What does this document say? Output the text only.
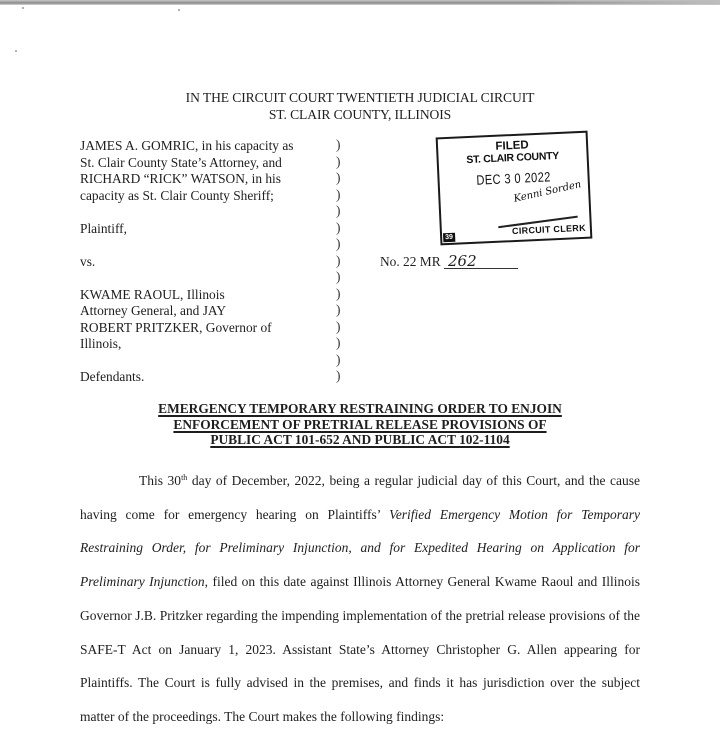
IN THE CIRCUIT COURT TWENTIETH JUDICIAL CIRCUIT
ST. CLAIR COUNTY, ILLINOIS
JAMES A. GOMRIC, in his capacity as
St. Clair County State’s Attorney, and
RICHARD “RICK” WATSON, in his
capacity as St. Clair County Sheriff;
Plaintiff,
vs.
KWAME RAOUL, Illinois
Attorney General, and JAY
ROBERT PRITZKER, Governor of
Illinois,
Defendants.
)
)
)
)
)
)
)
)
)
)
)
)
)
)
)
FILED
ST. CLAIR COUNTY
DEC 3 0 2022
Kenni Sorden
CIRCUIT CLERK
39
No. 22 MR 262
EMERGENCY TEMPORARY RESTRAINING ORDER TO ENJOIN
ENFORCEMENT OF PRETRIAL RELEASE PROVISIONS OF
PUBLIC ACT 101-652 AND PUBLIC ACT 102-1104

This 30th day of December, 2022, being a regular judicial day of this Court, and the cause having come for emergency hearing on Plaintiffs’ Verified Emergency Motion for Temporary Restraining Order, for Preliminary Injunction, and for Expedited Hearing on Application for Preliminary Injunction, filed on this date against Illinois Attorney General Kwame Raoul and Illinois Governor J.B. Pritzker regarding the impending implementation of the pretrial release provisions of the SAFE-T Act on January 1, 2023. Assistant State’s Attorney Christopher G. Allen appearing for Plaintiffs. The Court is fully advised in the premises, and finds it has jurisdiction over the subject matter of the proceedings. The Court makes the following findings:
